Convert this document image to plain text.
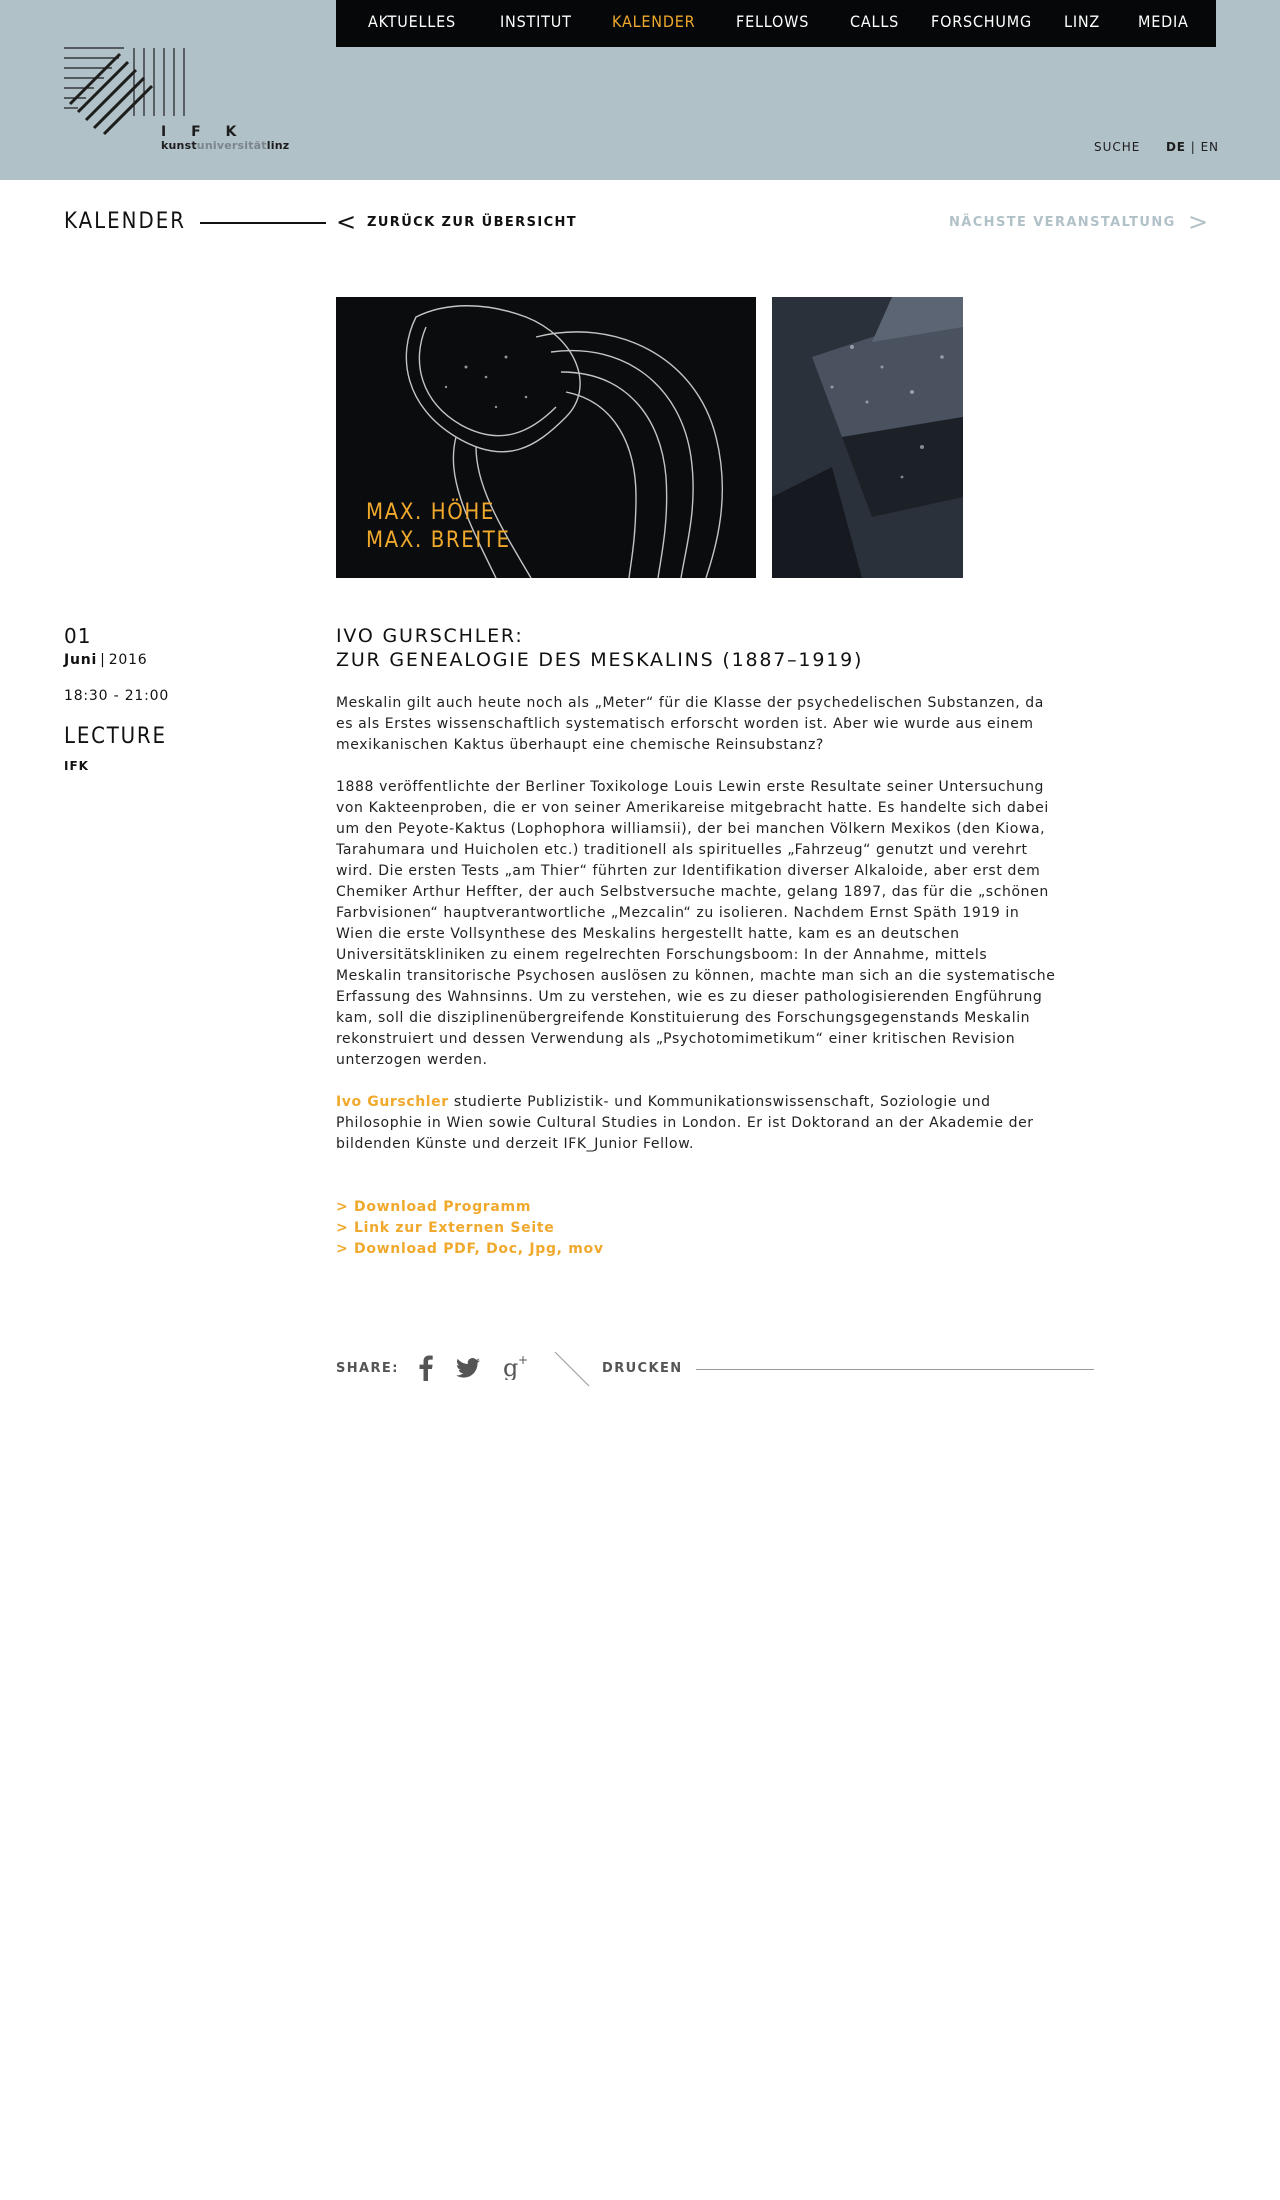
AKTUELLES	INSTITUT	KALENDER	FELLOWS	CALLS FORSCHUMG LINZ MEDIA
I F K
kunstuniversitätlinz	SUCHE DE | EN
KALENDER	< ZURÜCK ZUR ÜBERSICHT	NÄCHSTE VERANSTALTUNG >
MAX. HÖHE
MAX. BREITE
01
Juni | 2016
18:30 - 21:00
LECTURE
IFK
IVO GURSCHLER:
ZUR GENEALOGIE DES MESKALINS (1887–1919)

Meskalin gilt auch heute noch als „Meter“ für die Klasse der psychedelischen Substanzen, da es als Erstes wissenschaftlich systematisch erforscht worden ist. Aber wie wurde aus einem mexikanischen Kaktus überhaupt eine chemische Reinsubstanz?

1888 veröffentlichte der Berliner Toxikologe Louis Lewin erste Resultate seiner Untersuchung von Kakteenproben, die er von seiner Amerikareise mitgebracht hatte. Es handelte sich dabei um den Peyote-Kaktus (Lophophora williamsii), der bei manchen Völkern Mexikos (den Kiowa, Tarahumara und Huicholen etc.) traditionell als spirituelles „Fahrzeug“ genutzt und verehrt wird. Die ersten Tests „am Thier“ führten zur Identifikation diverser Alkaloide, aber erst dem Chemiker Arthur Heffter, der auch Selbstversuche machte, gelang 1897, das für die „schönen Farbvisionen“ hauptverantwortliche „Mezcalin“ zu isolieren. Nachdem Ernst Späth 1919 in Wien die erste Vollsynthese des Meskalins hergestellt hatte, kam es an deutschen Universitätskliniken zu einem regelrechten Forschungsboom: In der Annahme, mittels Meskalin transitorische Psychosen auslösen zu können, machte man sich an die systematische Erfassung des Wahnsinns. Um zu verstehen, wie es zu dieser pathologisierenden Engführung kam, soll die disziplinenübergreifende Konstituierung des Forschungsgegenstands Meskalin rekonstruiert und dessen Verwendung als „Psychotomimetikum“ einer kritischen Revision unterzogen werden.

Ivo Gurschler studierte Publizistik- und Kommunikationswissenschaft, Soziologie und Philosophie in Wien sowie Cultural Studies in London. Er ist Doktorand an der Akademie der bildenden Künste und derzeit IFK_Junior Fellow.

> Download Programm
> Link zur Externen Seite
> Download PDF, Doc, Jpg, mov
SHARE:	g +
DRUCKEN
